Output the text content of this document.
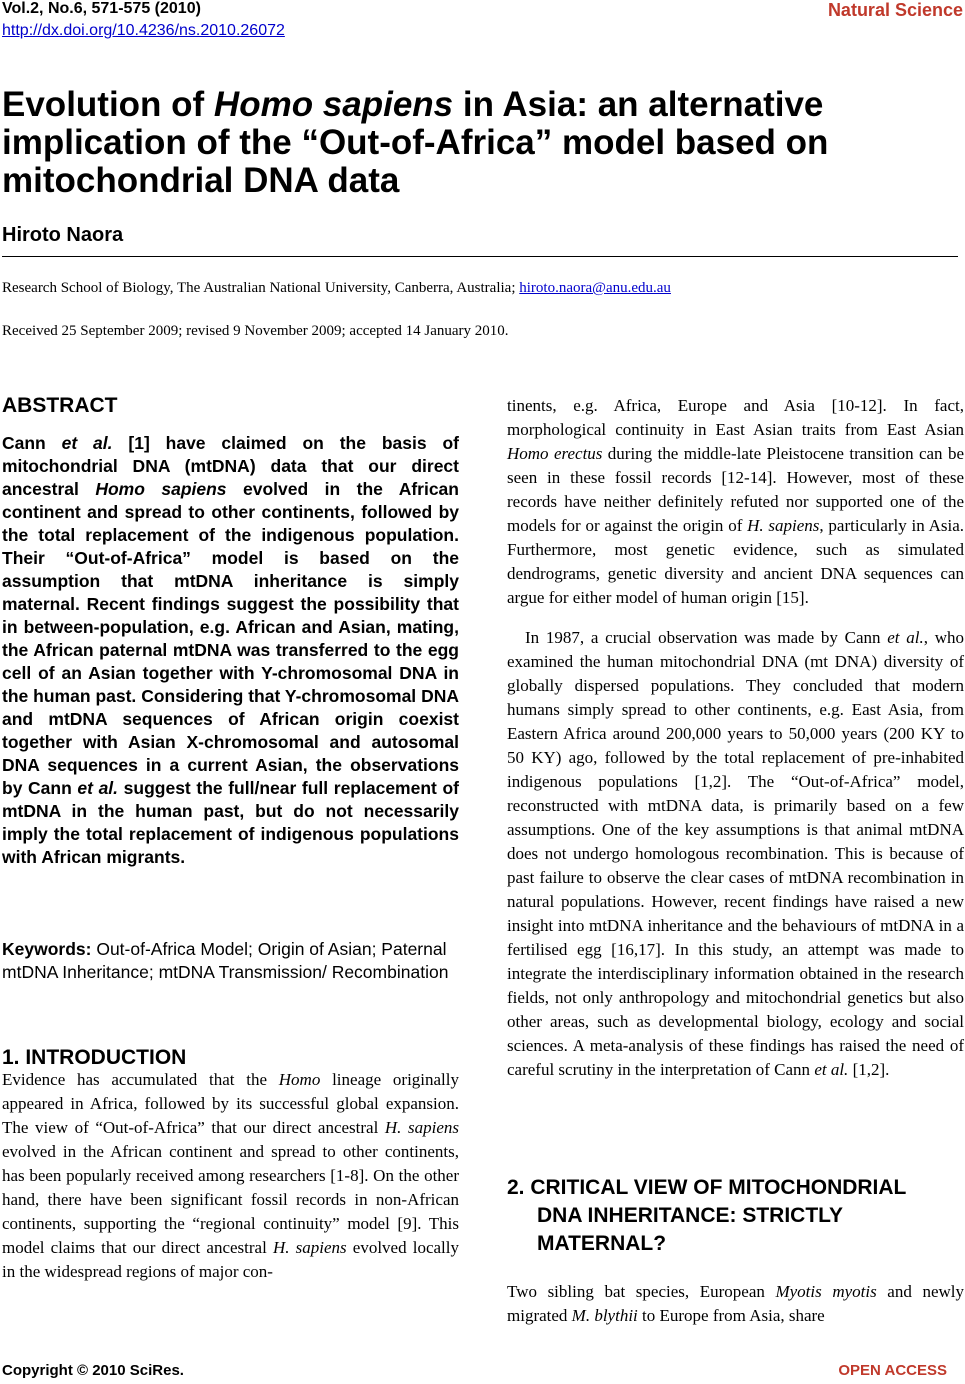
Vol.2, No.6, 571-575 (2010)
http://dx.doi.org/10.4236/ns.2010.26072
Natural Science
Evolution of Homo sapiens in Asia: an alternative implication of the “Out-of-Africa” model based on mitochondrial DNA data
Hiroto Naora
Research School of Biology, The Australian National University, Canberra, Australia; hiroto.naora@anu.edu.au
Received 25 September 2009; revised 9 November 2009; accepted 14 January 2010.
ABSTRACT
Cann et al. [1] have claimed on the basis of mitochondrial DNA (mtDNA) data that our direct ancestral Homo sapiens evolved in the African continent and spread to other continents, followed by the total replacement of the indigenous population. Their “Out-of-Africa” model is based on the assumption that mtDNA inheritance is simply maternal. Recent findings suggest the possibility that in between-population, e.g. African and Asian, mating, the African paternal mtDNA was transferred to the egg cell of an Asian together with Y-chromosomal DNA in the human past. Considering that Y-chromosomal DNA and mtDNA sequences of African origin coexist together with Asian X-chromosomal and autosomal DNA sequences in a current Asian, the observations by Cann et al. suggest the full/near full replacement of mtDNA in the human past, but do not necessarily imply the total replacement of indigenous populations with African migrants.
Keywords: Out-of-Africa Model; Origin of Asian; Paternal mtDNA Inheritance; mtDNA Transmission/ Recombination
1. INTRODUCTION
Evidence has accumulated that the Homo lineage originally appeared in Africa, followed by its successful global expansion. The view of “Out-of-Africa” that our direct ancestral H. sapiens evolved in the African continent and spread to other continents, has been popularly received among researchers [1-8]. On the other hand, there have been significant fossil records in non-African continents, supporting the “regional continuity” model [9]. This model claims that our direct ancestral H. sapiens evolved locally in the widespread regions of major con-
tinents, e.g. Africa, Europe and Asia [10-12]. In fact, morphological continuity in East Asian traits from East Asian Homo erectus during the middle-late Pleistocene transition can be seen in these fossil records [12-14]. However, most of these records have neither definitely refuted nor supported one of the models for or against the origin of H. sapiens, particularly in Asia. Furthermore, most genetic evidence, such as simulated dendrograms, genetic diversity and ancient DNA sequences can argue for either model of human origin [15].
In 1987, a crucial observation was made by Cann et al., who examined the human mitochondrial DNA (mt DNA) diversity of globally dispersed populations. They concluded that modern humans simply spread to other continents, e.g. East Asia, from Eastern Africa around 200,000 years to 50,000 years (200 KY to 50 KY) ago, followed by the total replacement of pre-inhabited indigenous populations [1,2]. The “Out-of-Africa” model, reconstructed with mtDNA data, is primarily based on a few assumptions. One of the key assumptions is that animal mtDNA does not undergo homologous recombination. This is because of past failure to observe the clear cases of mtDNA recombination in natural populations. However, recent findings have raised a new insight into mtDNA inheritance and the behaviours of mtDNA in a fertilised egg [16,17]. In this study, an attempt was made to integrate the interdisciplinary information obtained in the research fields, not only anthropology and mitochondrial genetics but also other areas, such as developmental biology, ecology and social sciences. A meta-analysis of these findings has raised the need of careful scrutiny in the interpretation of Cann et al. [1,2].
2. CRITICAL VIEW OF MITOCHONDRIAL
DNA INHERITANCE: STRICTLY
MATERNAL?
Two sibling bat species, European Myotis myotis and newly migrated M. blythii to Europe from Asia, share
Copyright © 2010 SciRes.	OPEN ACCESS
